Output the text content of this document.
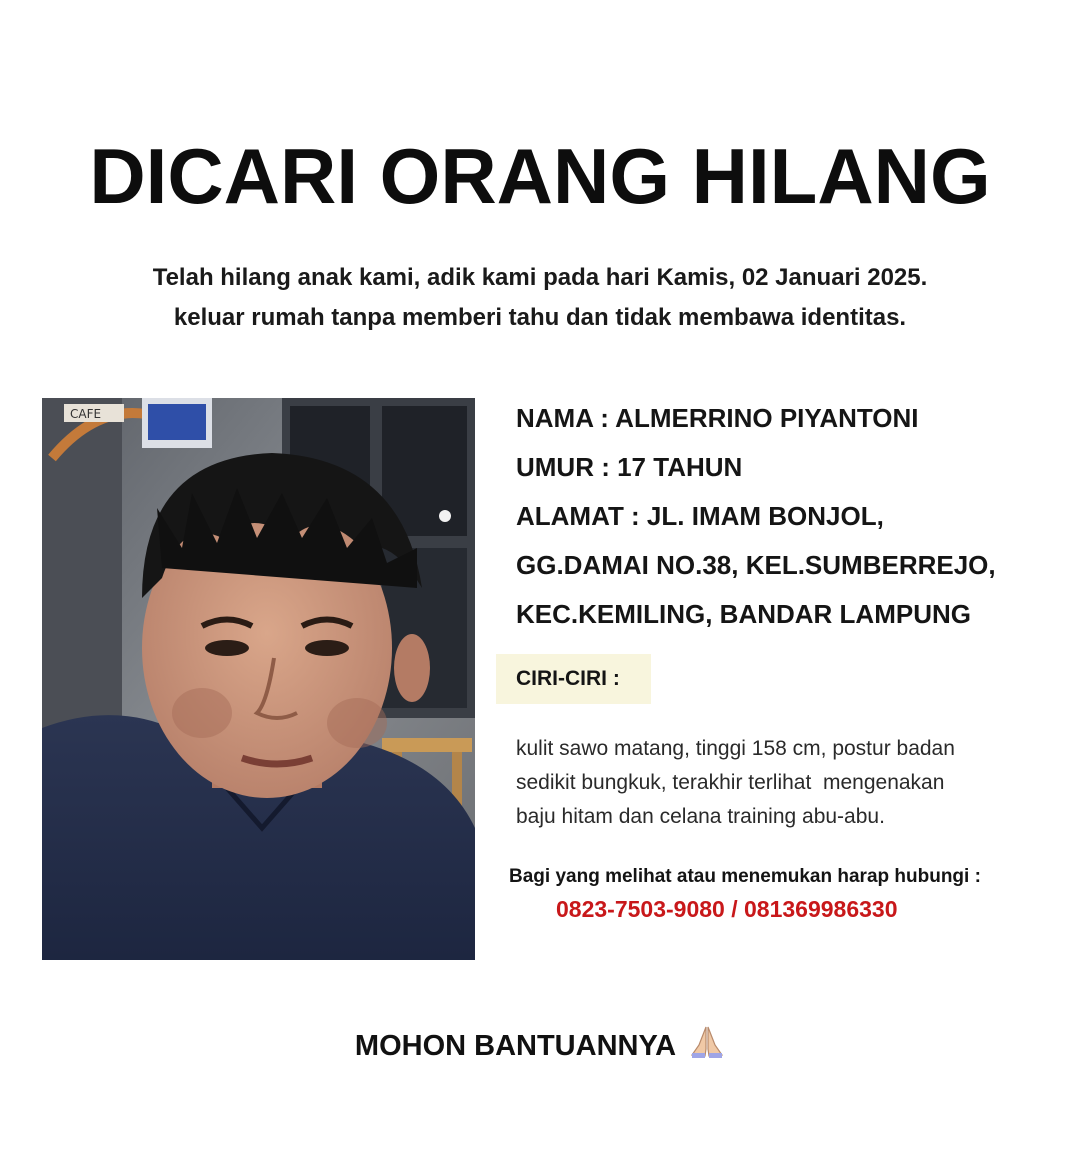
DICARI ORANG HILANG
Telah hilang anak kami, adik kami pada hari Kamis, 02 Januari 2025.
keluar rumah tanpa memberi tahu dan tidak membawa identitas.
CAFE	NAMA : ALMERRINO PIYANTONI
UMUR : 17 TAHUN
ALAMAT : JL. IMAM BONJOL,
GG.DAMAI NO.38, KEL.SUMBERREJO,
KEC.KEMILING, BANDAR LAMPUNG
CIRI-CIRI :
kulit sawo matang, tinggi 158 cm, postur badan
sedikit bungkuk, terakhir terlihat  mengenakan
baju hitam dan celana training abu-abu.
Bagi yang melihat atau menemukan harap hubungi :
0823-7503-9080 / 081369986330
MOHON BANTUANNYA
